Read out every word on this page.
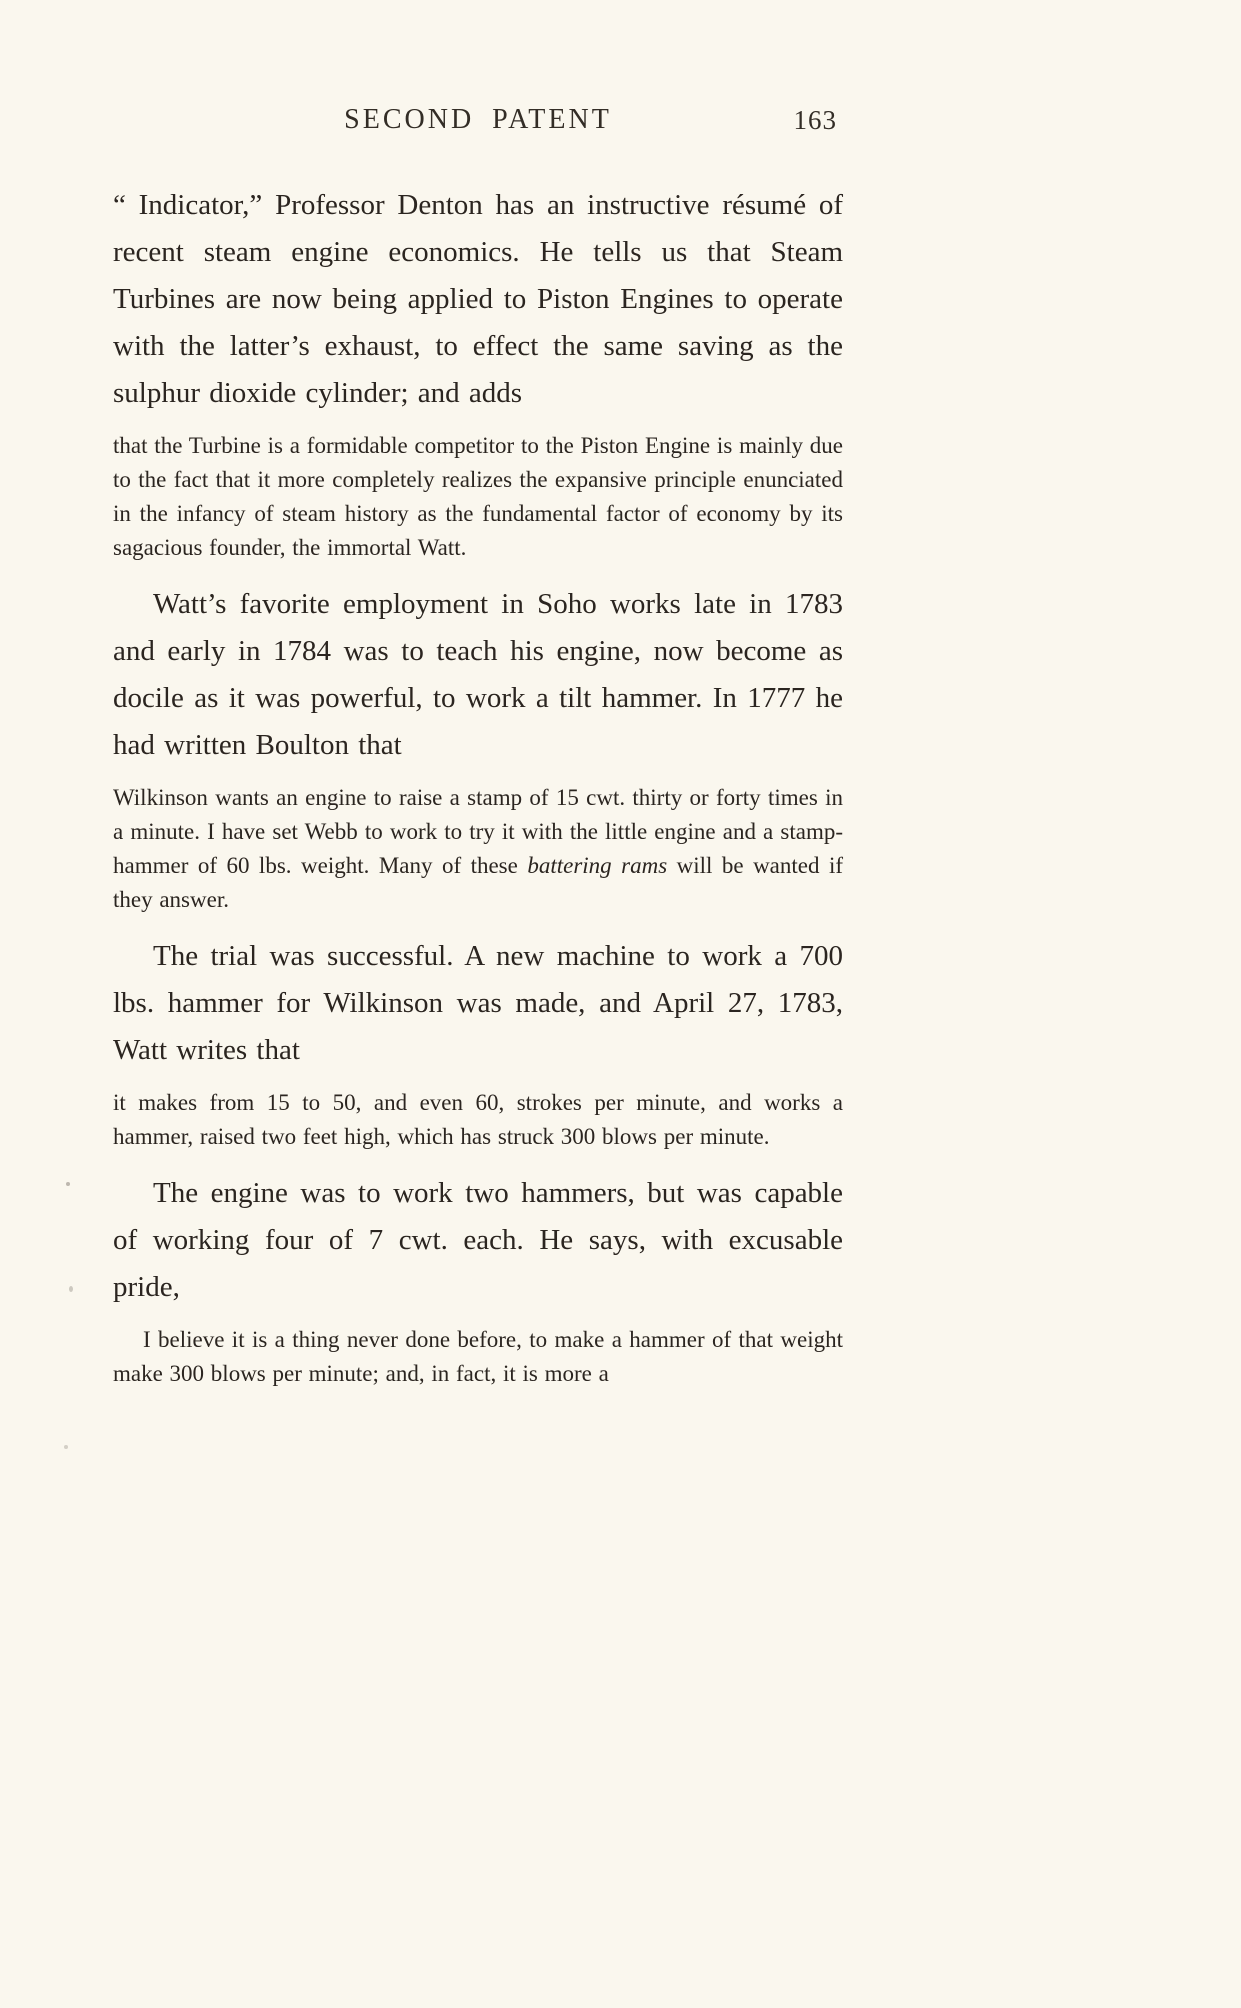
SECOND PATENT	163

“ Indicator,” Professor Denton has an instructive résumé of recent steam engine economics. He tells us that Steam Turbines are now being applied to Piston Engines to operate with the latter’s exhaust, to effect the same saving as the sulphur dioxide cylinder; and adds

that the Turbine is a formidable competitor to the Piston Engine is mainly due to the fact that it more completely realizes the expansive principle enunciated in the infancy of steam history as the fundamental factor of economy by its sagacious founder, the immortal Watt.

Watt’s favorite employment in Soho works late in 1783 and early in 1784 was to teach his engine, now become as docile as it was powerful, to work a tilt hammer. In 1777 he had written Boulton that

Wilkinson wants an engine to raise a stamp of 15 cwt. thirty or forty times in a minute. I have set Webb to work to try it with the little engine and a stamp-hammer of 60 lbs. weight. Many of these battering rams will be wanted if they answer.

The trial was successful. A new machine to work a 700 lbs. hammer for Wilkinson was made, and April 27, 1783, Watt writes that

it makes from 15 to 50, and even 60, strokes per minute, and works a hammer, raised two feet high, which has struck 300 blows per minute.

The engine was to work two hammers, but was capable of working four of 7 cwt. each. He says, with excusable pride,

I believe it is a thing never done before, to make a hammer of that weight make 300 blows per minute; and, in fact, it is more a
